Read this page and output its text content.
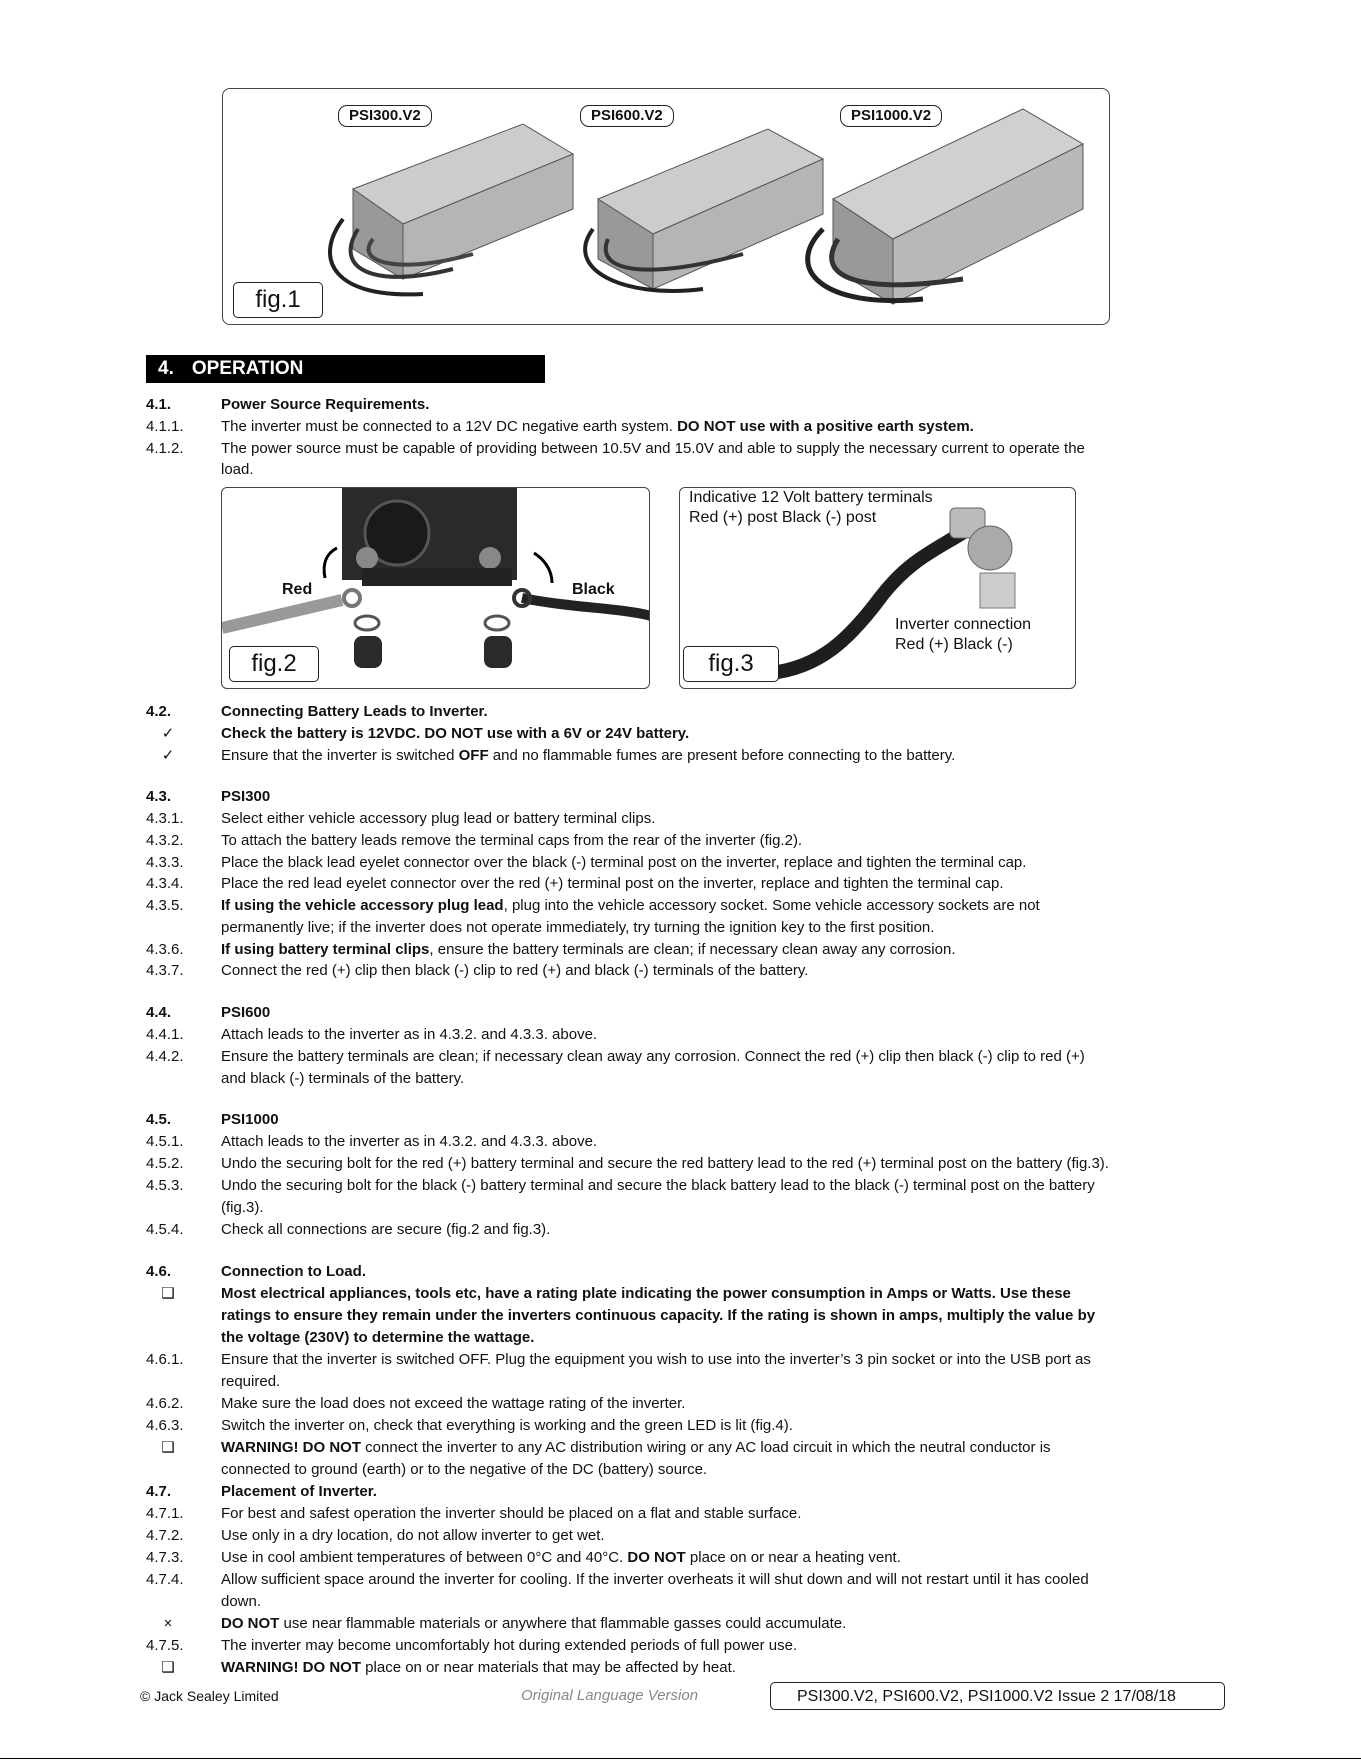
PSI300.V2	PSI600.V2	PSI1000.V2
fig.1
4. OPERATION
4.1.	Power Source Requirements.
4.1.1.	The inverter must be connected to a 12V DC negative earth system. DO NOT use with a positive earth system.
4.1.2.	The power source must be capable of providing between 10.5V and 15.0V and able to supply the necessary current to operate the
load.
Red	Black
fig.2
Indicative 12 Volt battery terminals
Red (+) post Black (-) post
Inverter connection
Red (+) Black (-)
fig.3
4.2.	Connecting Battery Leads to Inverter.
✓	Check the battery is 12VDC. DO NOT use with a 6V or 24V battery.
✓	Ensure that the inverter is switched OFF and no flammable fumes are present before connecting to the battery.
4.3.	PSI300
4.3.1.	Select either vehicle accessory plug lead or battery terminal clips.
4.3.2.	To attach the battery leads remove the terminal caps from the rear of the inverter (fig.2).
4.3.3.	Place the black lead eyelet connector over the black (-) terminal post on the inverter, replace and tighten the terminal cap.
4.3.4.	Place the red lead eyelet connector over the red (+) terminal post on the inverter, replace and tighten the terminal cap.
4.3.5.	If using the vehicle accessory plug lead, plug into the vehicle accessory socket. Some vehicle accessory sockets are not
permanently live; if the inverter does not operate immediately, try turning the ignition key to the first position.
4.3.6.	If using battery terminal clips, ensure the battery terminals are clean; if necessary clean away any corrosion.
4.3.7.	Connect the red (+) clip then black (-) clip to red (+) and black (-) terminals of the battery.
4.4.	PSI600
4.4.1.	Attach leads to the inverter as in 4.3.2. and 4.3.3. above.
4.4.2.	Ensure the battery terminals are clean; if necessary clean away any corrosion. Connect the red (+) clip then black (-) clip to red (+)
and black (-) terminals of the battery.
4.5.	PSI1000
4.5.1.	Attach leads to the inverter as in 4.3.2. and 4.3.3. above.
4.5.2.	Undo the securing bolt for the red (+) battery terminal and secure the red battery lead to the red (+) terminal post on the battery (fig.3).
4.5.3.	Undo the securing bolt for the black (-) battery terminal and secure the black battery lead to the black (-) terminal post on the battery
(fig.3).
4.5.4.	Check all connections are secure (fig.2 and fig.3).
4.6.	Connection to Load.
❑	Most electrical appliances, tools etc, have a rating plate indicating the power consumption in Amps or Watts. Use these
ratings to ensure they remain under the inverters continuous capacity. If the rating is shown in amps, multiply the value by
the voltage (230V) to determine the wattage.
4.6.1.	Ensure that the inverter is switched OFF. Plug the equipment you wish to use into the inverter’s 3 pin socket or into the USB port as
required.
4.6.2.	Make sure the load does not exceed the wattage rating of the inverter.
4.6.3.	Switch the inverter on, check that everything is working and the green LED is lit (fig.4).
❑	WARNING! DO NOT connect the inverter to any AC distribution wiring or any AC load circuit in which the neutral conductor is
connected to ground (earth) or to the negative of the DC (battery) source.
4.7.	Placement of Inverter.
4.7.1.	For best and safest operation the inverter should be placed on a flat and stable surface.
4.7.2.	Use only in a dry location, do not allow inverter to get wet.
4.7.3.	Use in cool ambient temperatures of between 0°C and 40°C. DO NOT place on or near a heating vent.
4.7.4.	Allow sufficient space around the inverter for cooling. If the inverter overheats it will shut down and will not restart until it has cooled
down.
×	DO NOT use near flammable materials or anywhere that flammable gasses could accumulate.
4.7.5.	The inverter may become uncomfortably hot during extended periods of full power use.
❑	WARNING! DO NOT place on or near materials that may be affected by heat.
© Jack Sealey Limited	Original Language Version	PSI300.V2, PSI600.V2, PSI1000.V2 Issue 2 17/08/18
